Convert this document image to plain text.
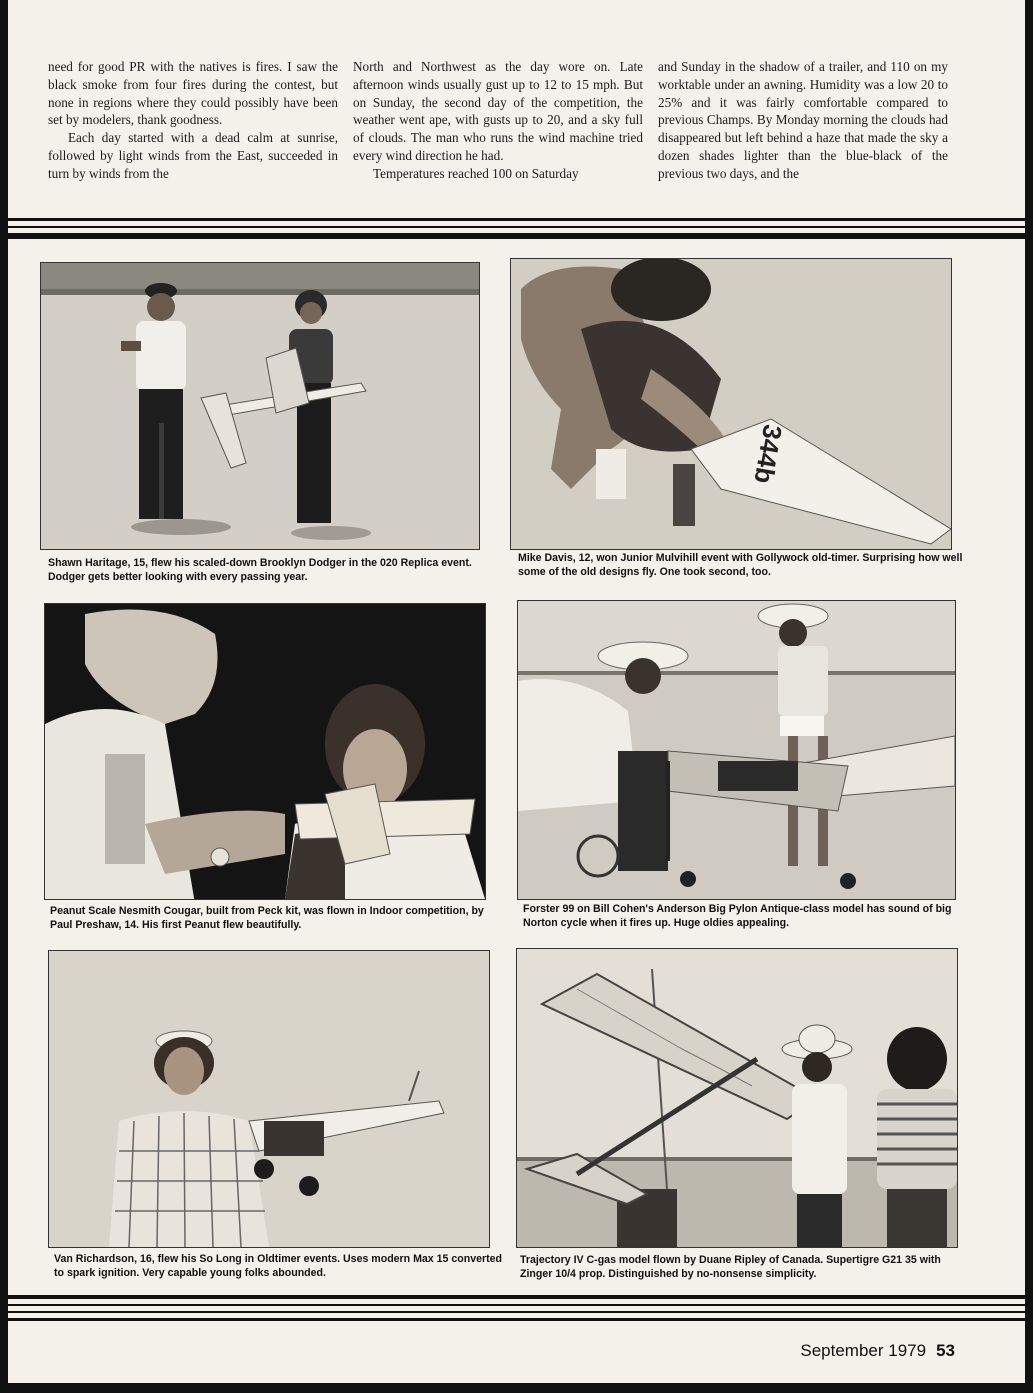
need for good PR with the natives is fires. I saw the black smoke from four fires during the contest, but none in regions where they could possibly have been set by modelers, thank goodness.

Each day started with a dead calm at sunrise, followed by light winds from the East, succeeded in turn by winds from the

North and Northwest as the day wore on. Late afternoon winds usually gust up to 12 to 15 mph. But on Sunday, the second day of the competition, the weather went ape, with gusts up to 20, and a sky full of clouds. The man who runs the wind machine tried every wind direction he had.

Temperatures reached 100 on Saturday

and Sunday in the shadow of a trailer, and 110 on my worktable under an awning. Humidity was a low 20 to 25% and it was fairly comfortable compared to previous Champs. By Monday morning the clouds had disappeared but left behind a haze that made the sky a dozen shades lighter than the blue-black of the previous two days, and the

Shawn Haritage, 15, flew his scaled-down Brooklyn Dodger in the 020 Replica event. Dodger gets better looking with every passing year.
344b
Mike Davis, 12, won Junior Mulvihill event with Gollywock old-timer. Surprising how well some of the old designs fly. One took second, too.
Peanut Scale Nesmith Cougar, built from Peck kit, was flown in Indoor competition, by Paul Preshaw, 14. His first Peanut flew beautifully.
Forster 99 on Bill Cohen's Anderson Big Pylon Antique-class model has sound of big Norton cycle when it fires up. Huge oldies appealing.
Van Richardson, 16, flew his So Long in Oldtimer events. Uses modern Max 15 converted to spark ignition. Very capable young folks abounded.
Trajectory IV C-gas model flown by Duane Ripley of Canada. Supertigre G21 35 with Zinger 10/4 prop. Distinguished by no-nonsense simplicity.
September 1979 53
